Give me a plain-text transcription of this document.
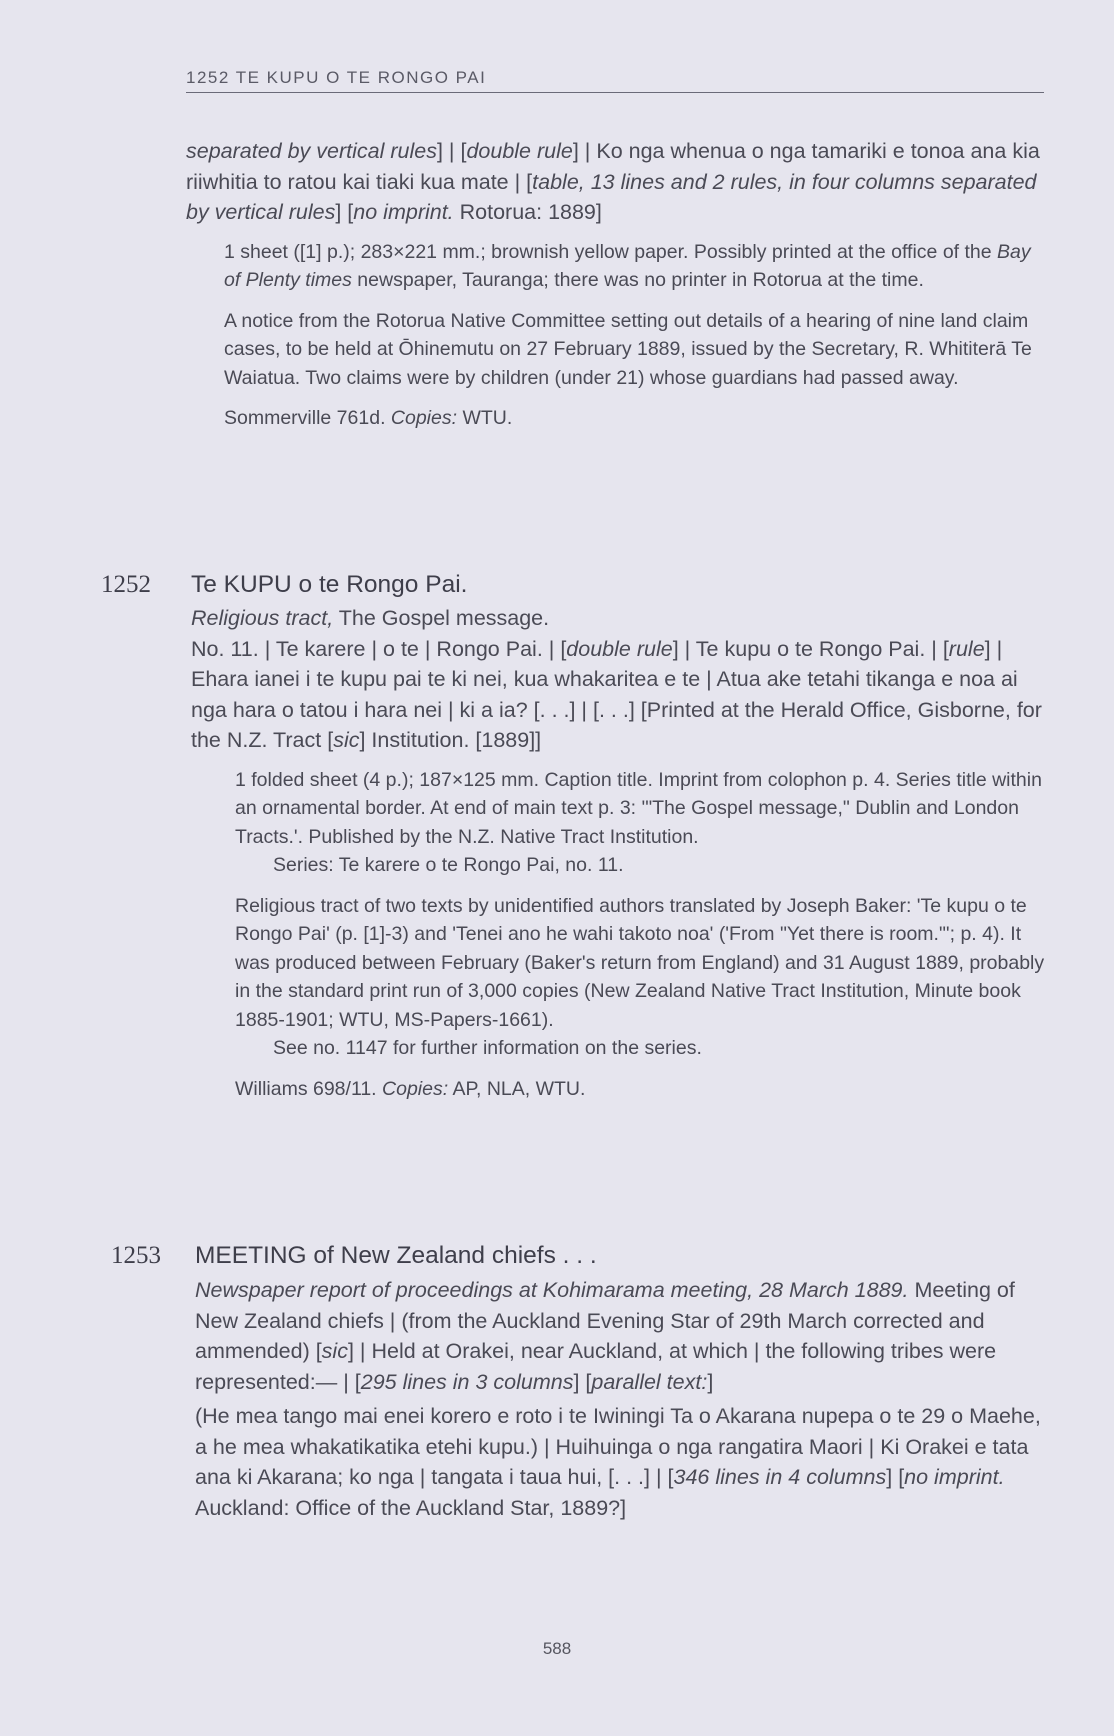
1252 TE KUPU O TE RONGO PAI

separated by vertical rules] | [double rule] | Ko nga whenua o nga tamariki e tonoa ana kia riiwhitia to ratou kai tiaki kua mate | [table, 13 lines and 2 rules, in four columns separated by vertical rules] [no imprint. Rotorua: 1889]

1 sheet ([1] p.); 283×221 mm.; brownish yellow paper. Possibly printed at the office of the Bay of Plenty times newspaper, Tauranga; there was no printer in Rotorua at the time.

A notice from the Rotorua Native Committee setting out details of a hearing of nine land claim cases, to be held at Ōhinemutu on 27 February 1889, issued by the Secretary, R. Whititerā Te Waiatua. Two claims were by children (under 21) whose guardians had passed away.

Sommerville 761d. Copies: WTU.

1252 Te KUPU o te Rongo Pai.

Religious tract, The Gospel message.

No. 11. | Te karere | o te | Rongo Pai. | [double rule] | Te kupu o te Rongo Pai. | [rule] | Ehara ianei i te kupu pai te ki nei, kua whakaritea e te | Atua ake tetahi tikanga e noa ai nga hara o tatou i hara nei | ki a ia? [. . .] | [. . .] [Printed at the Herald Office, Gisborne, for the N.Z. Tract [sic] Institution. [1889]]

1 folded sheet (4 p.); 187×125 mm. Caption title. Imprint from colophon p. 4. Series title within an ornamental border. At end of main text p. 3: '"The Gospel message," Dublin and London Tracts.'. Published by the N.Z. Native Tract Institution.

Series: Te karere o te Rongo Pai, no. 11.

Religious tract of two texts by unidentified authors translated by Joseph Baker: 'Te kupu o te Rongo Pai' (p. [1]-3) and 'Tenei ano he wahi takoto noa' ('From "Yet there is room."'; p. 4). It was produced between February (Baker's return from England) and 31 August 1889, probably in the standard print run of 3,000 copies (New Zealand Native Tract Institution, Minute book 1885-1901; WTU, MS-Papers-1661).

See no. 1147 for further information on the series.

Williams 698/11. Copies: AP, NLA, WTU.

1253 MEETING of New Zealand chiefs . . .

Newspaper report of proceedings at Kohimarama meeting, 28 March 1889. Meeting of New Zealand chiefs | (from the Auckland Evening Star of 29th March corrected and ammended) [sic] | Held at Orakei, near Auckland, at which | the following tribes were represented:— | [295 lines in 3 columns] [parallel text:]

(He mea tango mai enei korero e roto i te Iwiningi Ta o Akarana nupepa o te 29 o Maehe, a he mea whakatikatika etehi kupu.) | Huihuinga o nga rangatira Maori | Ki Orakei e tata ana ki Akarana; ko nga | tangata i taua hui, [. . .] | [346 lines in 4 columns] [no imprint. Auckland: Office of the Auckland Star, 1889?]

588
